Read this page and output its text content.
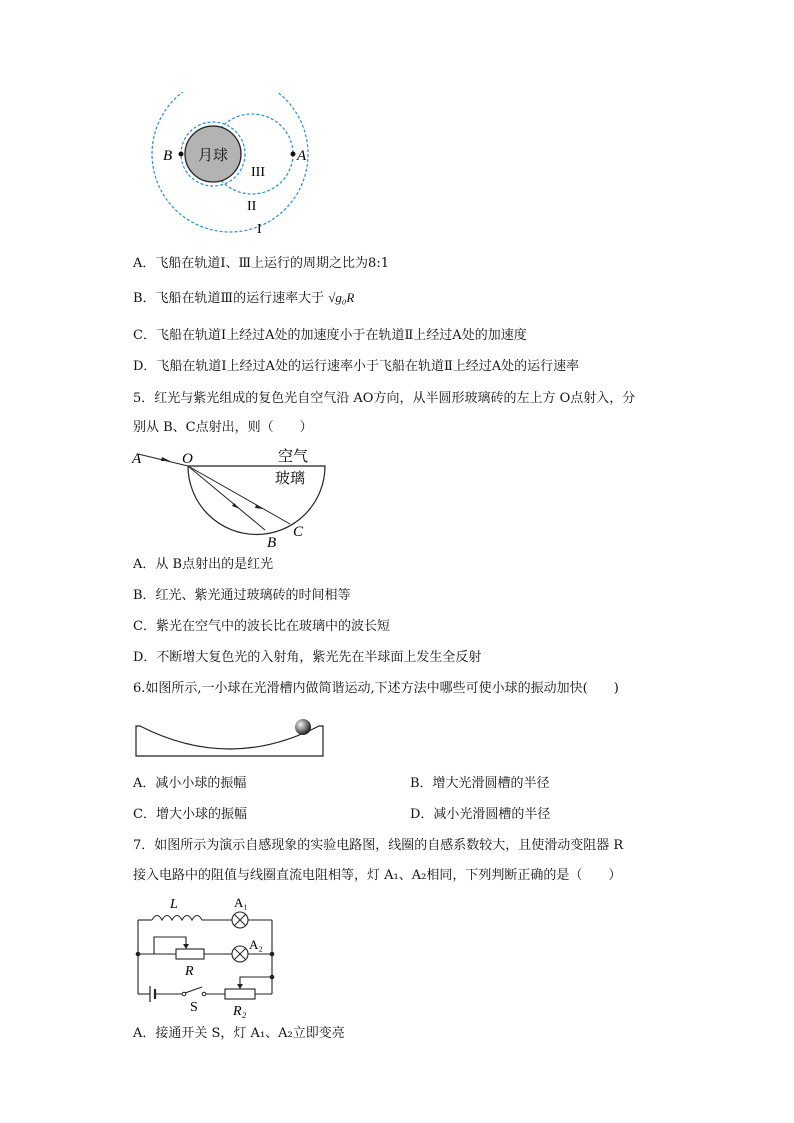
月球
B	A
III
II
I
A．飞船在轨道Ⅰ、Ⅲ上运行的周期之比为8:1
B．飞船在轨道Ⅲ的运行速率大于 √g₀R
C．飞船在轨道Ⅰ上经过A处的加速度小于在轨道Ⅱ上经过A处的加速度
D．飞船在轨道Ⅰ上经过A处的运行速率小于飞船在轨道Ⅱ上经过A处的运行速率
5．红光与紫光组成的复色光自空气沿 AO方向，从半圆形玻璃砖的左上方 O点射入，分
别从 B、C点射出，则（　　）
A	O	空气
玻璃
B
C
A．从 B点射出的是红光
B．红光、紫光通过玻璃砖的时间相等
C．紫光在空气中的波长比在玻璃中的波长短
D．不断增大复色光的入射角，紫光先在半球面上发生全反射
6.如图所示,一小球在光滑槽内做简谐运动,下述方法中哪些可使小球的振动加快(　　)
A．减小小球的振幅	B．增大光滑圆槽的半径
C．增大小球的振幅	D．减小光滑圆槽的半径
7．如图所示为演示自感现象的实验电路图，线圈的自感系数较大，且使滑动变阻器 R
接入电路中的阻值与线圈直流电阻相等，灯 A₁、A₂相同，下列判断正确的是（　　）
L	A₁
A₂
R
S	R₂
A．接通开关 S，灯 A₁、A₂立即变亮
